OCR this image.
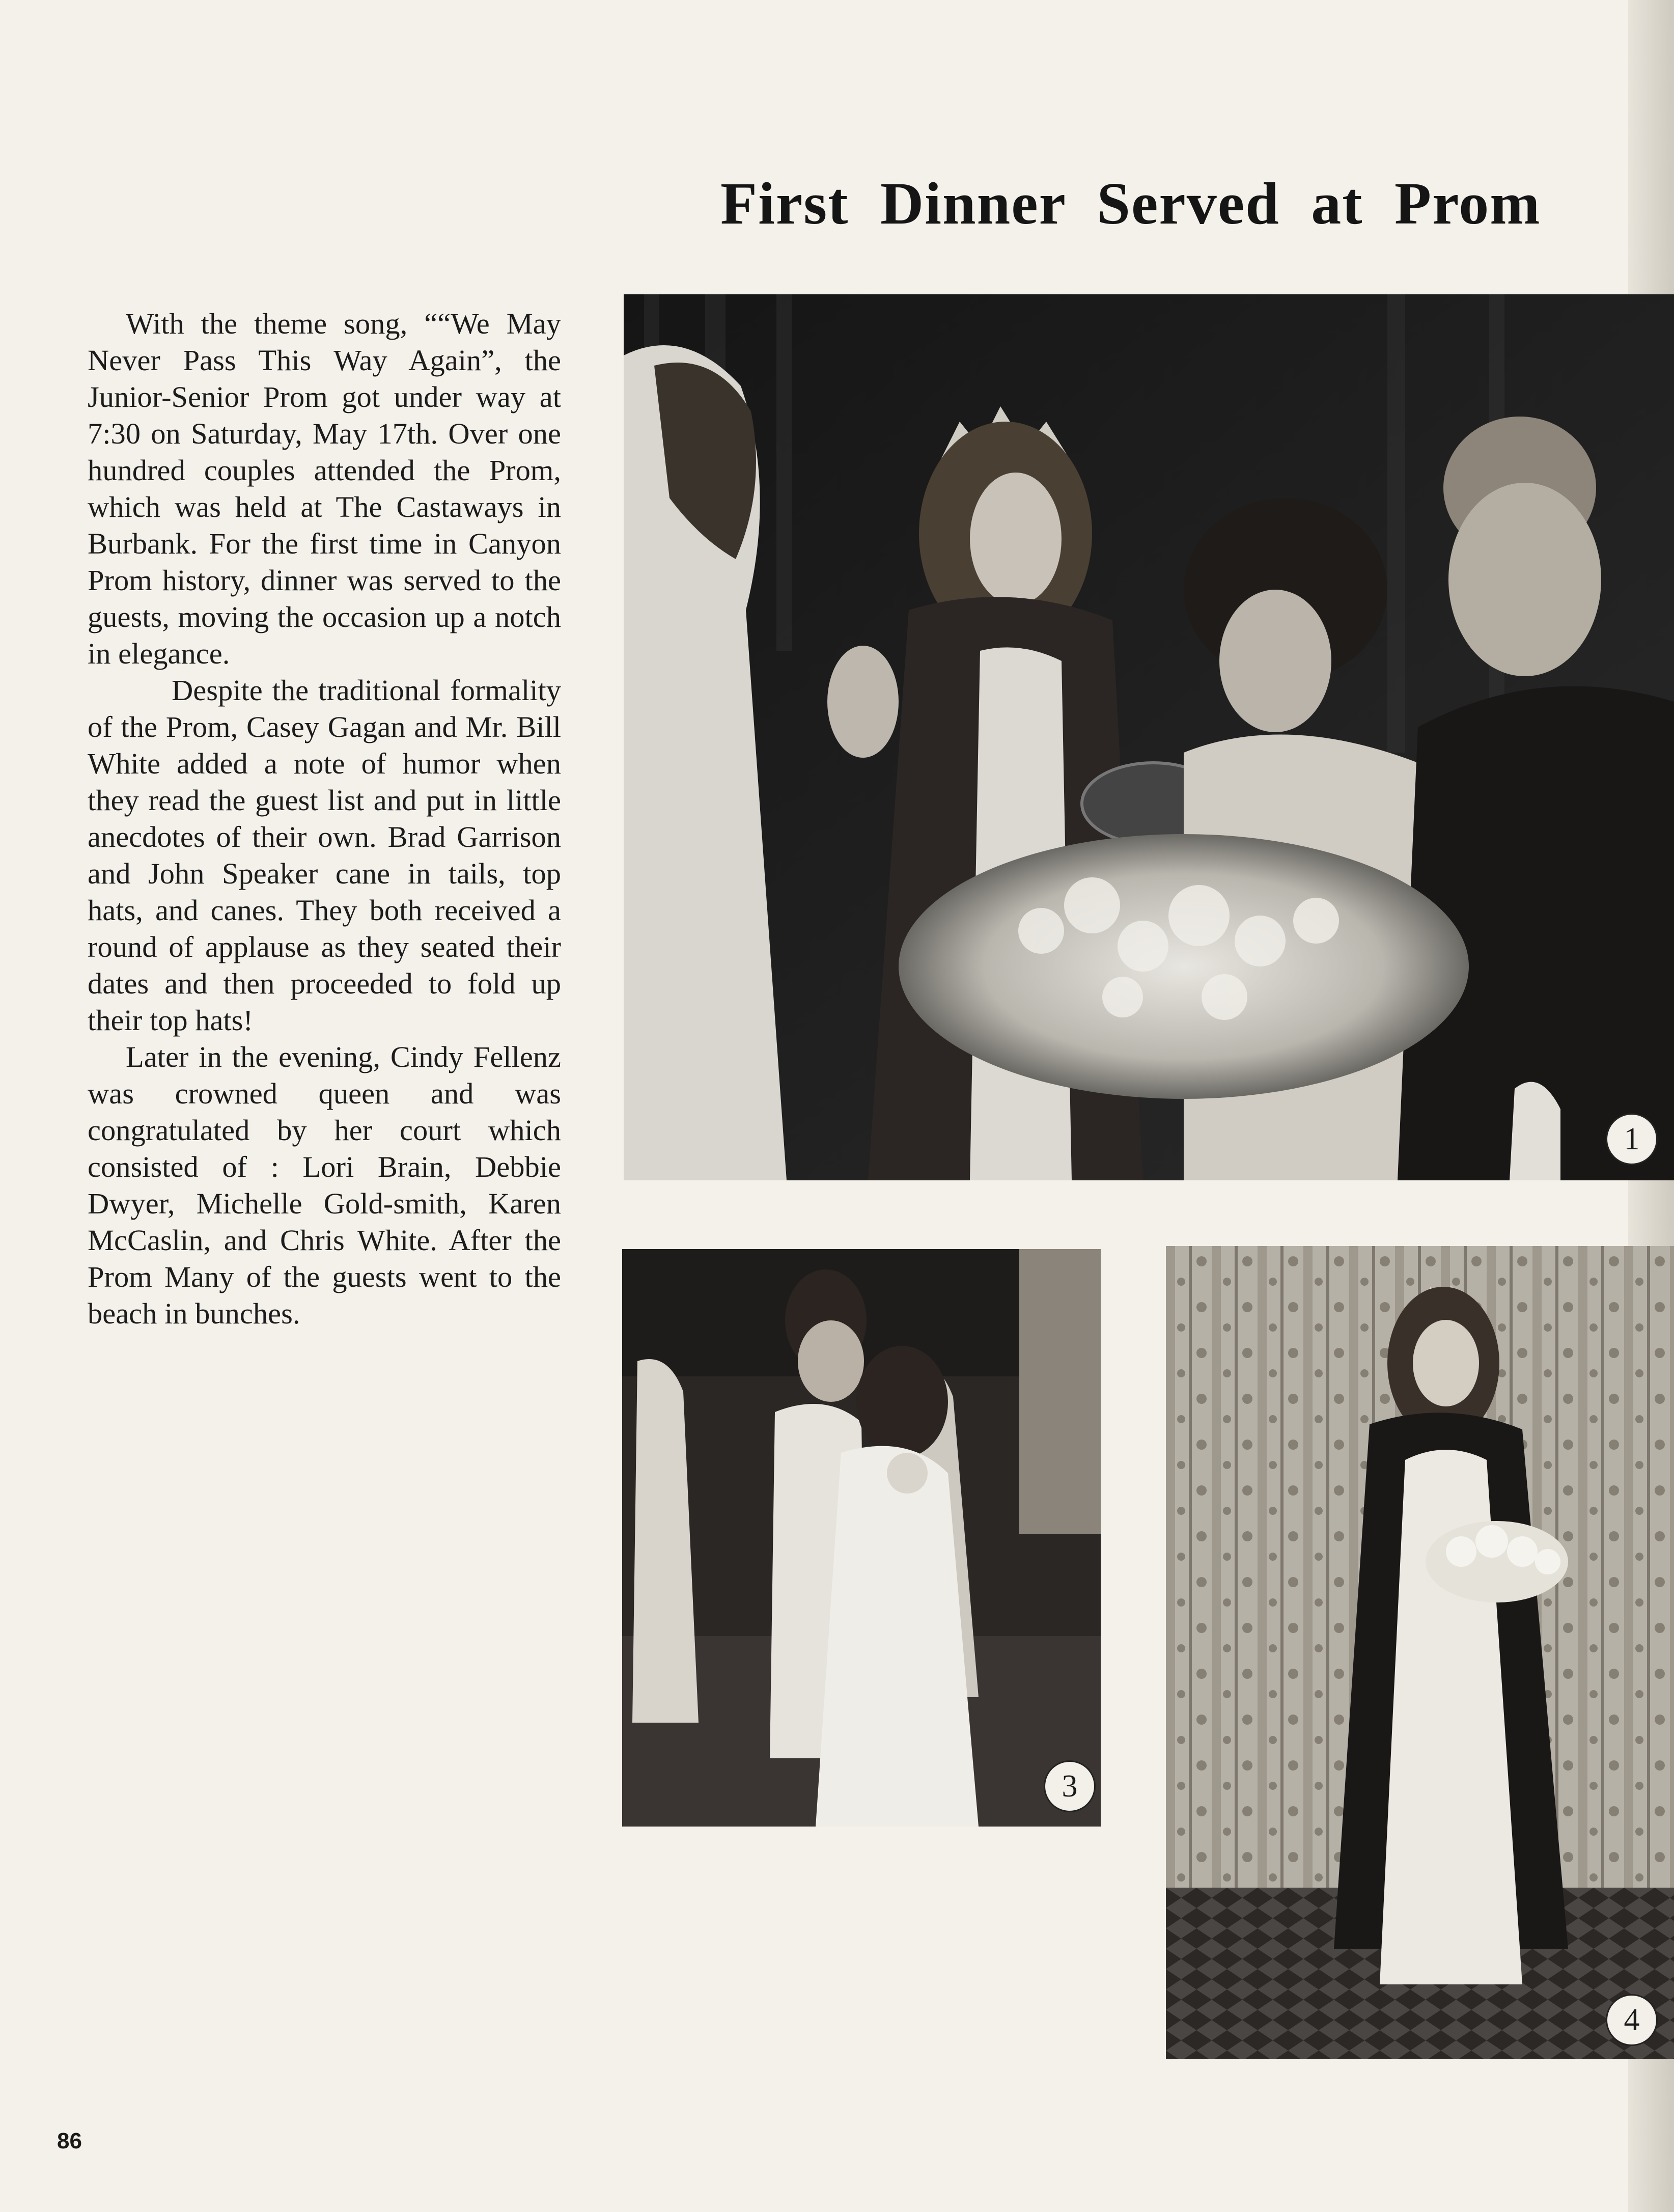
First Dinner Served at Prom

With the theme song, ““We May Never Pass This Way Again”, the Junior-Senior Prom got under way at 7:30 on Saturday, May 17th. Over one hundred couples attended the Prom, which was held at The Castaways in Burbank. For the first time in Canyon Prom history, dinner was served to the guests, moving the occasion up a notch in elegance.

Despite the traditional formality of the Prom, Casey Gagan and Mr. Bill White added a note of humor when they read the guest list and put in little anecdotes of their own. Brad Garrison and John Speaker cane in tails, top hats, and canes. They both received a round of applause as they seated their dates and then proceeded to fold up their top hats!

Later in the evening, Cindy Fellenz was crowned queen and was congratulated by her court which consisted of : Lori Brain, Debbie Dwyer, Michelle Gold-smith, Karen McCaslin, and Chris White. After the Prom Many of the guests went to the beach in bunches.

1
3
4
86
